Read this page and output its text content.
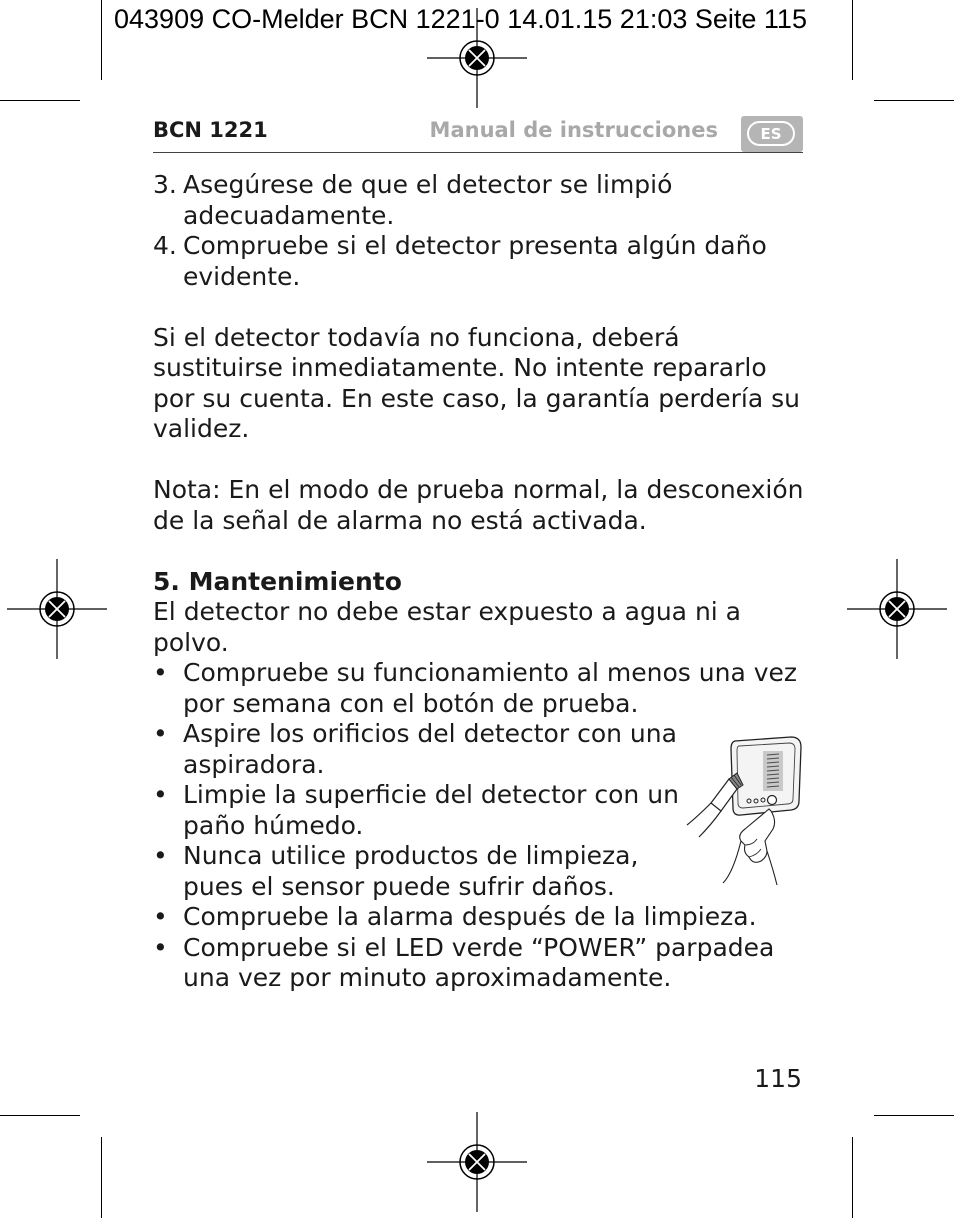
043909 CO-Melder BCN 1221-0 14.01.15 21:03 Seite 115
BCN 1221	Manual de instrucciones	ES
3. Asegúrese de que el detector se limpió adecuadamente.
4. Compruebe si el detector presenta algún daño evidente.

Si el detector todavía no funciona, deberá sustituirse inmediatamente. No intente repararlo por su cuenta. En este caso, la garantía perdería su validez.

Nota: En el modo de prueba normal, la desconexión de la señal de alarma no está activada.

5. Mantenimiento

El detector no debe estar expuesto a agua ni a polvo.

• Compruebe su funcionamiento al menos una vez por semana con el botón de prueba.
• Aspire los orificios del detector con una aspiradora.
• Limpie la superficie del detector con un paño húmedo.
• Nunca utilice productos de limpieza, pues el sensor puede sufrir daños.
• Compruebe la alarma después de la limpieza.
• Compruebe si el LED verde “POWER” parpadea una vez por minuto aproximadamente.
115
